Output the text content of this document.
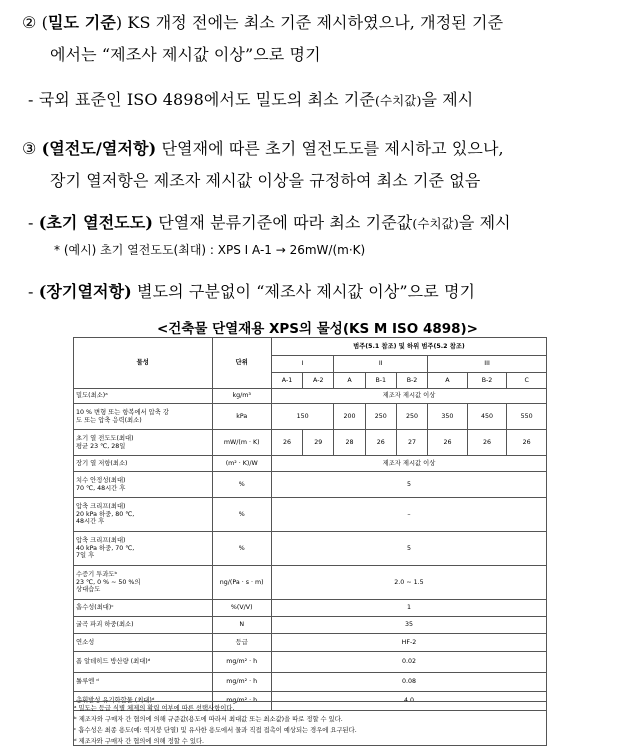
② (밀도 기준) KS 개정 전에는 최소 기준 제시하였으나, 개정된 기준
에서는 “제조사 제시값 이상”으로 명기
- 국외 표준인 ISO 4898에서도 밀도의 최소 기준(수치값)을 제시
③ (열전도/열저항) 단열재에 따른 초기 열전도도를 제시하고 있으나,
장기 열저항은 제조자 제시값 이상을 규정하여 최소 기준 없음
- (초기 열전도도) 단열재 분류기준에 따라 최소 기준값(수치값)을 제시
* (예시) 초기 열전도도(최대) : XPS Ⅰ A-1 → 26mW/(m·K)
- (장기열저항) 별도의 구분없이 “제조사 제시값 이상”으로 명기
<건축물 단열재용 XPS의 물성(KS M ISO 4898)>
물성	단위	범주(5.1 참조) 및 하위 범주(5.2 참조)							
		I		II			III		
		A-1	A-2	A	B-1	B-2	A	B-2	C
밀도(최소)ᵃ	kg/m³	제조자 제시값 이상							
10 % 변형 또는 항복에서 압축 강
도 또는 압축 응력(최소)	kPa	150		200	250	250	350	450	550
초기 열 전도도(최대)
평균 23 ℃, 28일	mW/(m · K)	26	29	28	26	27	26	26	26
장기 열 저항(최소)	(m² · K)/W	제조자 제시값 이상							
치수 안정성(최대)
70 ℃, 48시간 후	%	5							
압축 크리프(최대)
20 kPa 하중, 80 ℃,
48시간 후	%	–							
압축 크리프(최대)
40 kPa 하중, 70 ℃,
7일 후	%	5							
수증기 투과도ᵇ
23 ℃, 0 % ∼ 50 %의
상대습도	ng/(Pa · s · m)	2.0 ∼ 1.5							
흡수성(최대)ᶜ	%(V/V)	1							
굴곡 파괴 하중(최소)	N	35							
연소성	등급	HF-2							
폼 알데히드 방산량 (최대)ᵈ	mg/m² · h	0.02							
톨루엔 ᵈ	mg/m² · h	0.08							
총휘발성 유기화합물 (최대)ᵈ	mg/m² · h	4.0							
ᵃ 밀도는 등급 식별 체제의 확립 여부에 따른 선택사항이다.
ᵇ 제조자와 구매자 간 협의에 의해 규준값(용도에 따라서 최대값 또는 최소값)을 따로 정할 수 있다.
ᶜ 흡수성은 최종 용도(예: 역지붕 단열) 및 유사한 용도에서 물과 직접 접촉이 예상되는 경우에 요구된다.
ᵈ 제조자와 구매자 간 협의에 의해 정할 수 있다.
